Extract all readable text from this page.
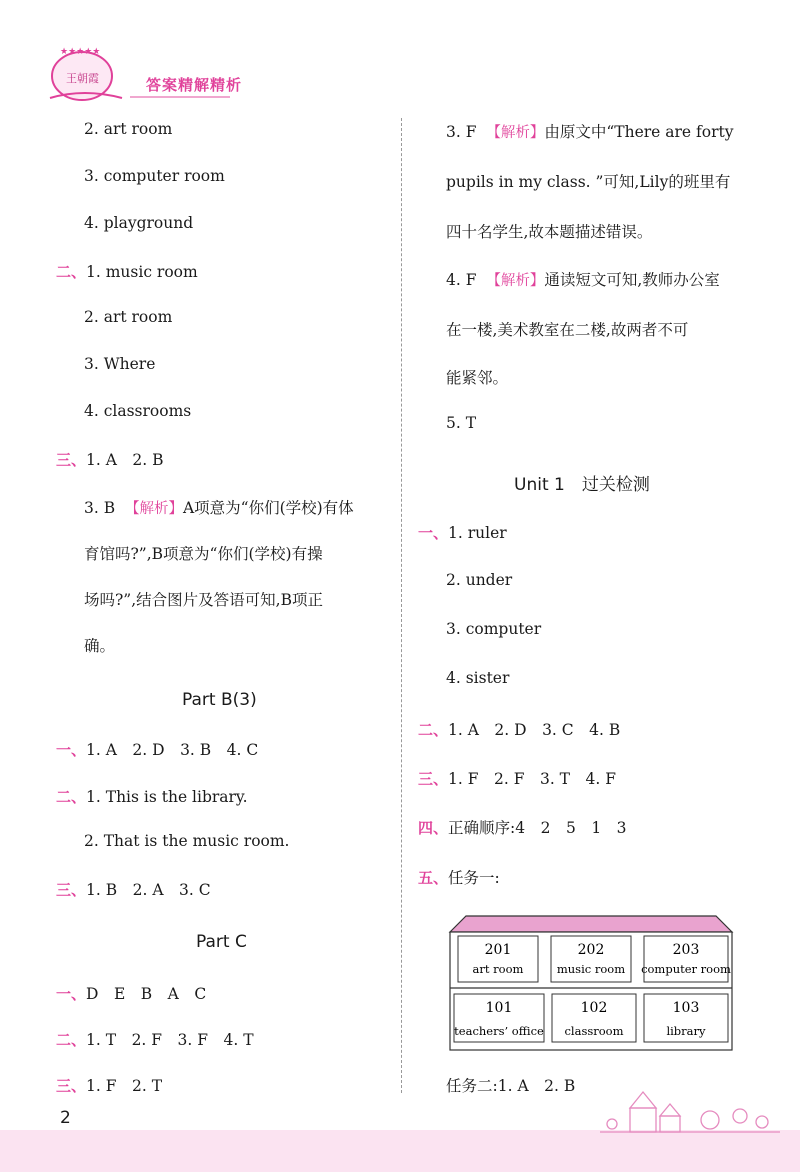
★★★★★
王朝霞	答案精解精析
2. art room
3. computer room
4. playground
二、1. music room
2. art room
3. Where
4. classrooms
三、1. A　2. B
3. B 【解析】A项意为“你们(学校)有体
育馆吗?”,B项意为“你们(学校)有操
场吗?”,结合图片及答语可知,B项正
确。
Part B(3)
一、1. A　2. D　3. B　4. C
二、1. This is the library.
2. That is the music room.
三、1. B　2. A　3. C
Part C
一、D　E　B　A　C
二、1. T　2. F　3. F　4. T
三、1. F　2. T
3. F 【解析】由原文中“There are forty
pupils in my class. ”可知,Lily的班里有
四十名学生,故本题描述错误。
4. F 【解析】通读短文可知,教师办公室
在一楼,美术教室在二楼,故两者不可
能紧邻。
5. T
Unit 1　过关检测
一、1. ruler
2. under
3. computer
4. sister
二、1. A　2. D　3. C　4. B
三、1. F　2. F　3. T　4. F
四、正确顺序:4　2　5　1　3
五、任务一:
201
art room
202
music room
203
computer room
101
teachers’ office
102
classroom
103
library
任务二:1. A　2. B
2
